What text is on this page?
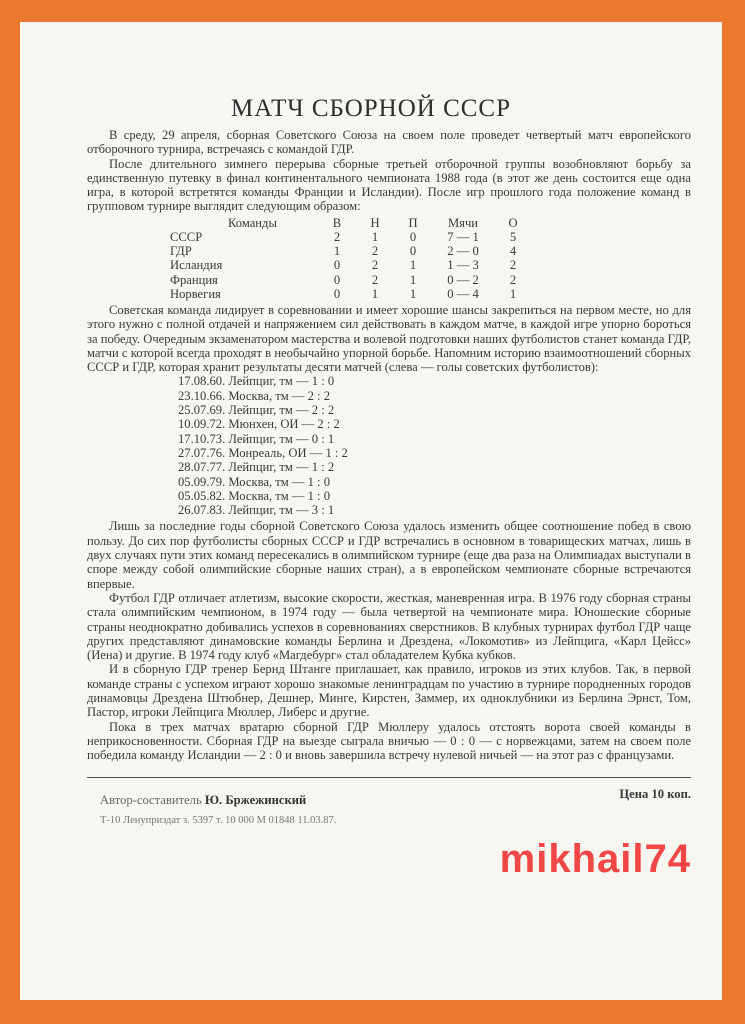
МАТЧ СБОРНОЙ СССР

В среду, 29 апреля, сборная Советского Союза на своем поле проведет четвертый матч европейского отборочного турнира, встречаясь с командой ГДР.

После длительного зимнего перерыва сборные третьей отборочной группы возобновляют борьбу за единственную путевку в финал континентального чемпионата 1988 года (в этот же день состоится еще одна игра, в которой встретятся команды Франции и Исландии). После игр прошлого года положение команд в групповом турнире выглядит следующим образом:

Команды	В	Н	П	Мячи	О
СССР	2	1	0	7 — 1	5
ГДР	1	2	0	2 — 0	4
Исландия	0	2	1	1 — 3	2
Франция	0	2	1	0 — 2	2
Норвегия	0	1	1	0 — 4	1

Советская команда лидирует в соревновании и имеет хорошие шансы закрепиться на первом месте, но для этого нужно с полной отдачей и напряжением сил действовать в каждом матче, в каждой игре упорно бороться за победу. Очередным экзаменатором мастерства и волевой подготовки наших футболистов станет команда ГДР, матчи с которой всегда проходят в необычайно упорной борьбе. Напомним историю взаимоотношений сборных СССР и ГДР, которая хранит результаты десяти матчей (слева — голы советских футболистов):

17.08.60. Лейпциг, тм — 1 : 0
23.10.66. Москва, тм — 2 : 2
25.07.69. Лейпциг, тм — 2 : 2
10.09.72. Мюнхен, ОИ — 2 : 2
17.10.73. Лейпциг, тм — 0 : 1
27.07.76. Монреаль, ОИ — 1 : 2
28.07.77. Лейпциг, тм — 1 : 2
05.09.79. Москва, тм — 1 : 0
05.05.82. Москва, тм — 1 : 0
26.07.83. Лейпциг, тм — 3 : 1

Лишь за последние годы сборной Советского Союза удалось изменить общее соотношение побед в свою пользу. До сих пор футболисты сборных СССР и ГДР встречались в основном в товарищеских матчах, лишь в двух случаях пути этих команд пересекались в олимпийском турнире (еще два раза на Олимпиадах выступали в споре между собой олимпийские сборные наших стран), а в европейском чемпионате сборные встречаются впервые.

Футбол ГДР отличает атлетизм, высокие скорости, жесткая, маневренная игра. В 1976 году сборная страны стала олимпийским чемпионом, в 1974 году — была четвертой на чемпионате мира. Юношеские сборные страны неоднократно добивались успехов в соревнованиях сверстников. В клубных турнирах футбол ГДР чаще других представляют динамовские команды Берлина и Дрездена, «Локомотив» из Лейпцига, «Карл Цейсс» (Иена) и другие. В 1974 году клуб «Магдебург» стал обладателем Кубка кубков.

И в сборную ГДР тренер Бернд Штанге приглашает, как правило, игроков из этих клубов. Так, в первой команде страны с успехом играют хорошо знакомые ленинградцам по участию в турнире породненных городов динамовцы Дрездена Штюбнер, Дешнер, Минге, Кирстен, Заммер, их одноклубники из Берлина Эрнст, Том, Пастор, игроки Лейпцига Мюллер, Либерс и другие.

Пока в трех матчах вратарю сборной ГДР Мюллеру удалось отстоять ворота своей команды в неприкосновенности. Сборная ГДР на выезде сыграла вничью — 0 : 0 — с норвежцами, затем на своем поле победила команду Исландии — 2 : 0 и вновь завершила встречу нулевой ничьей — на этот раз с французами.

Автор-составитель Ю. Бржежинский	Цена 10 коп.
Т-10 Ленуприздат з. 5397 т. 10 000 М 01848 11.03.87.
mikhail74
